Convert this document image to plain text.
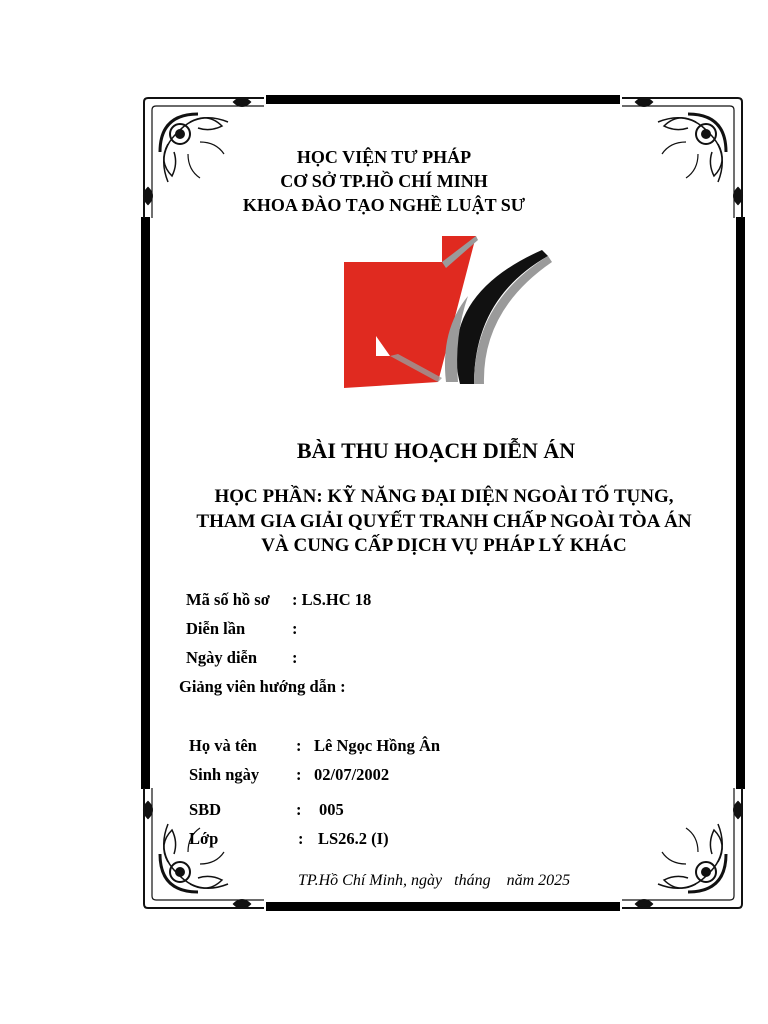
HỌC VIỆN TƯ PHÁP
CƠ SỞ TP.HỒ CHÍ MINH
KHOA ĐÀO TẠO NGHỀ LUẬT SƯ
BÀI THU HOẠCH DIỄN ÁN
HỌC PHẦN: KỸ NĂNG ĐẠI DIỆN NGOÀI TỐ TỤNG,
THAM GIA GIẢI QUYẾT TRANH CHẤP NGOÀI TÒA ÁN
VÀ CUNG CẤP DỊCH VỤ PHÁP LÝ KHÁC
Mã số hồ sơ : LS.HC 18
Diễn lần	:
Ngày diễn :
Giảng viên hướng dẫn :
Họ và tên : Lê Ngọc Hồng Ân
Sinh ngày : 02/07/2002
SBD	: 005
Lớp	: LS26.2 (I)
TP.Hồ Chí Minh, ngày   tháng    năm 2025
